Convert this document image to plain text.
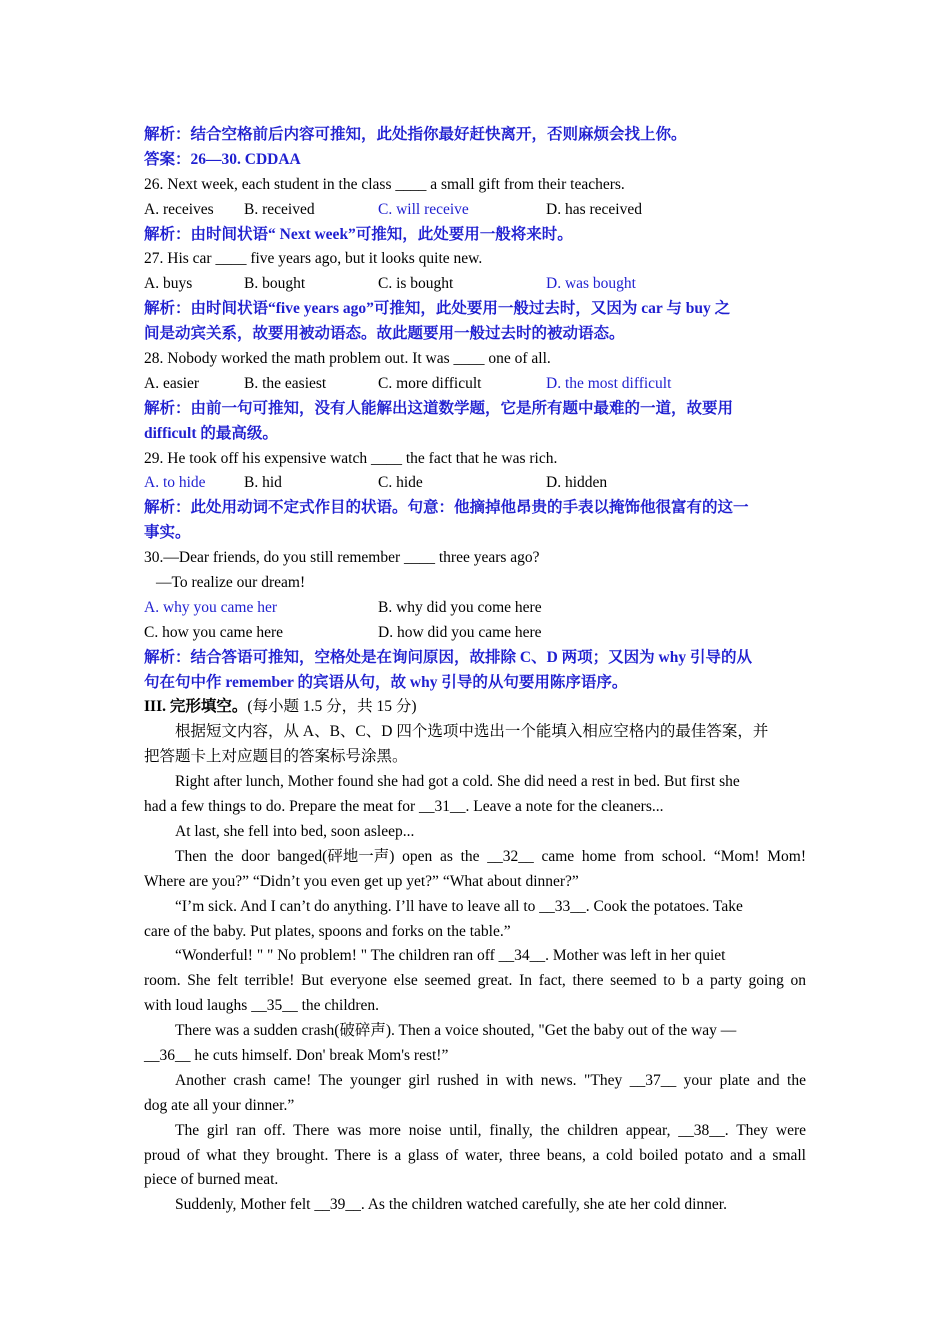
解析：结合空格前后内容可推知，此处指你最好赶快离开，否则麻烦会找上你。
答案：26—30. CDDAA
26. Next week, each student in the class ____ a small gift from their teachers.
A. receives	B. received	C. will receive	D. has received
解析：由时间状语“ Next week”可推知，此处要用一般将来时。
27. His car ____ five years ago, but it looks quite new.
A. buys	B. bought	C. is bought	D. was bought
解析：由时间状语“five years ago”可推知，此处要用一般过去时，又因为 car 与 buy 之
间是动宾关系，故要用被动语态。故此题要用一般过去时的被动语态。
28. Nobody worked the math problem out. It was ____ one of all.
A. easier	B. the easiest	C. more difficult	D. the most difficult
解析：由前一句可推知，没有人能解出这道数学题，它是所有题中最难的一道，故要用
difficult 的最高级。
29. He took off his expensive watch ____ the fact that he was rich.
A. to hide	B. hid	C. hide	D. hidden
解析：此处用动词不定式作目的状语。句意：他摘掉他昂贵的手表以掩饰他很富有的这一
事实。
30.—Dear friends, do you still remember ____ three years ago?
—To realize our dream!
A. why you came her	B. why did you come here
C. how you came here	D. how did you came here
解析：结合答语可推知，空格处是在询问原因，故排除 C、D 两项；又因为 why 引导的从
句在句中作 remember 的宾语从句，故 why 引导的从句要用陈序语序。
III. 完形填空。(每小题 1.5 分，共 15 分)
根据短文内容，从 A、B、C、D 四个选项中选出一个能填入相应空格内的最佳答案，并
把答题卡上对应题目的答案标号涂黑。
Right after lunch, Mother found she had got a cold. She did need a rest in bed. But first she
had a few things to do. Prepare the meat for __31__. Leave a note for the cleaners...
At last, she fell into bed, soon asleep...
Then the door banged(砰地一声) open as the __32__ came home from school. “Mom! Mom!
Where are you?” “Didn’t you even get up yet?” “What about dinner?”
“I’m sick. And I can’t do anything. I’ll have to leave all to __33__. Cook the potatoes. Take
care of the baby. Put plates, spoons and forks on the table.”
“Wonderful! " " No problem! " The children ran off __34__. Mother was left in her quiet
room. She felt terrible! But everyone else seemed great. In fact, there seemed to b a party going on
with loud laughs __35__ the children.
There was a sudden crash(破碎声). Then a voice shouted, "Get the baby out of the way —
__36__ he cuts himself. Don' break Mom's rest!”
Another crash came! The younger girl rushed in with news. "They __37__ your plate and the
dog ate all your dinner.”
The girl ran off. There was more noise until, finally, the children appear, __38__. They were
proud of what they brought. There is a glass of water, three beans, a cold boiled potato and a small
piece of burned meat.
Suddenly, Mother felt __39__. As the children watched carefully, she ate her cold dinner.
